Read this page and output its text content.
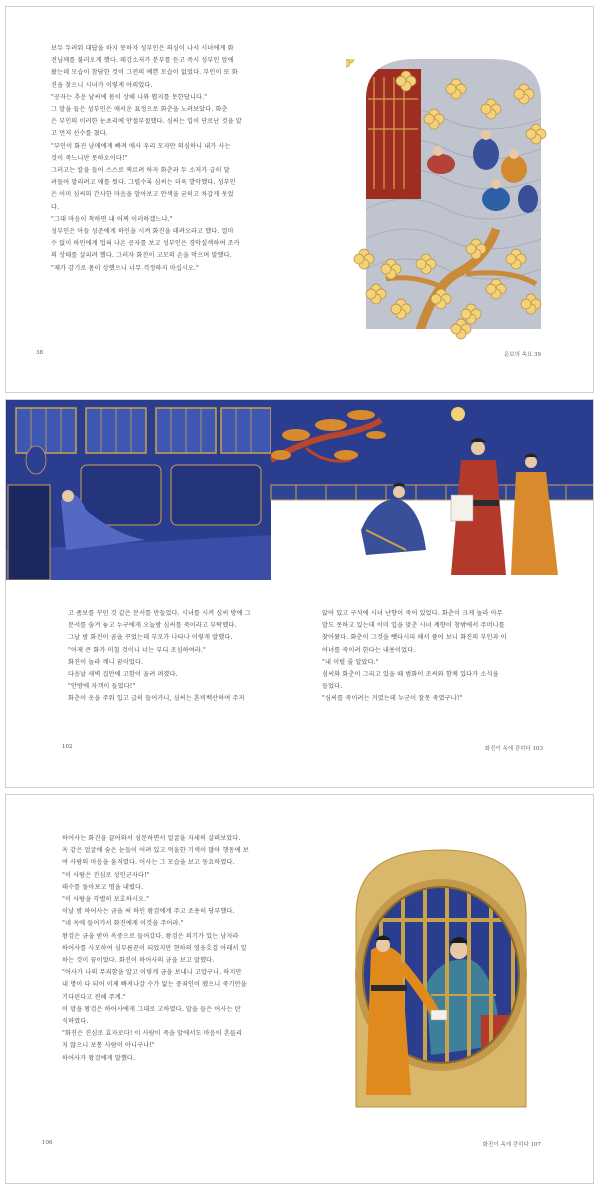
보두 두려워 대답을 하지 못하자 성부인은 의심이 나서 시녀에게 화

전님께를 불러오게 했다. 태강소저가 분부를 듣고 즉시 성부인 앞에

왔는데 모습이 참담한 것이 그전의 예쁜 모습이 없었다. 부인이 또 화

진을 찾으니 시녀가 이렇게 아뢰었다.

"공자는 추운 날씨에 몸이 상해 나와 뵙지를 못한답니다."

그 말을 들은 성부인은 애서운 표정으로 화춘을 노려보았다. 화춘

은 부인의 이러한 눈초리에 안절부절했다. 심씨는 입이 단로난 것을 알

고 먼저 선수를 쳤다.

"부인이 화진 남매에게 빠져 애사 우리 모자만 의심하니 내가 사는

것이 죽느니만 못하오이다!"

그러고는 칼을 들어 스스로 찌르려 하자 화춘과 두 소저가 급히 달

려들어 말리려고 애를 썼다. 그럴수록 심씨는 더욱 발악했다. 성부인

은 이미 심씨의 간사한 마음을 알아보고 안색을 굳히고 차갑게 웃었

다.

"그대 마음이 착하면 내 어찌 이러하겠느냐."

성부인은 아들 성준에게 하인을 시켜 화진을 데려오라고 했다. 얼마

수 없이 하인에게 업혀 나온 공자를 보고 성부인은 경악실색하여 조카

의 상태를 살피려 했다. 그러자 화진이 고모의 손을 막으며 말했다.

"제가 감기로 몸이 상했으니 너무 걱정하지 마십시오."

38	운보의 속요 39

고 좀보를 꾸민 것 같은 문서를 만들었다. 시녀를 시켜 심씨 방에 그

문서를 숨겨 놓고 누구에게 오늘밤 심씨를 죽이라고 부탁했다.

그날 밤 화진이 곰을 꾸었는데 부모가 나타나 이렇게 말했다.

"어제 큰 화가 미칠 것이니 너는 부디 조심하여라."

화진이 놀라 깨니 꿈이었다.

다음날 새벽 집안에 고함이 울려 퍼졌다.

"안방에 자객이 들었다!"

화춘이 옷을 주워 입고 급히 들어가니, 심씨는 혼비백산하여 주저

앉아 있고 구석에 시녀 난향이 죽어 있었다. 화춘이 크게 놀라 아무

말도 못하고 있는데 이미 입을 맞춘 시녀 계향이 창밖에서 주머니를

찾아왔다. 화춘이 그것을 뺏다시피 해서 풀어 보니 화진의 부인과 이

어녀를 죽이려 한다는 내용이었다.

"내 이럴 줄 알았다."

심씨와 화춘이 그리고 있을 때 범화이 조씨와 함께 있다가 소식을

들었다.

"심씨를 죽이려는 거였는데 누군이 잘못 죽였구나!"

102	화진이 옥에 갇히다 103

하어사는 화진을 끌어와서 심문하면서 얼굴을 자세히 살펴보았다.

옥 같은 얼굴에 숨은 눈들이 어려 있고 억울한 기색이 많아 행동에 보

여 사람의 마음을 움직였다. 어사는 그 모습을 보고 동요하였다.

"이 사람은 진심로 성인군자다!"

태수를 돌아보고 명을 내렸다.

"이 사람을 각별히 보호하시오."

이날 밤 하어사는 금을 써 하인 왕검에게 주고 조용히 당부했다.

"네 옥에 들어가서 화진에게 이것을 주어라."

왕검은 금을 받아 옥중으로 들어갔다. 왕검은 의기가 있는 남자라

하어사를 사모하여 심부름꾼이 되었지만 현하의 영웅호걸 아래서 일

하는 것이 꿈이었다. 화진이 하어사의 금을 보고 말했다.

"어사가 나의 무죄함을 알고 이렇게 금을 보내니 고맙구나. 하지만

내 명이 다 되어 이제 빠져나갈 수가 없는 중죄인이 됐으니 죽기만을

기다린다고 전해 주게."

이 말을 왕검은 하어사에게 그대로 고하였다. 말을 들은 어사는 탄

식하였다.

"화진은 진심로 효자로다! 이 사람이 죽을 앞에서도 마음이 흔들리

지 않으니 보통 사람이 아니구나!"

하어사가 왕검에게 말했다.

106	화진이 옥에 갇히다 107
